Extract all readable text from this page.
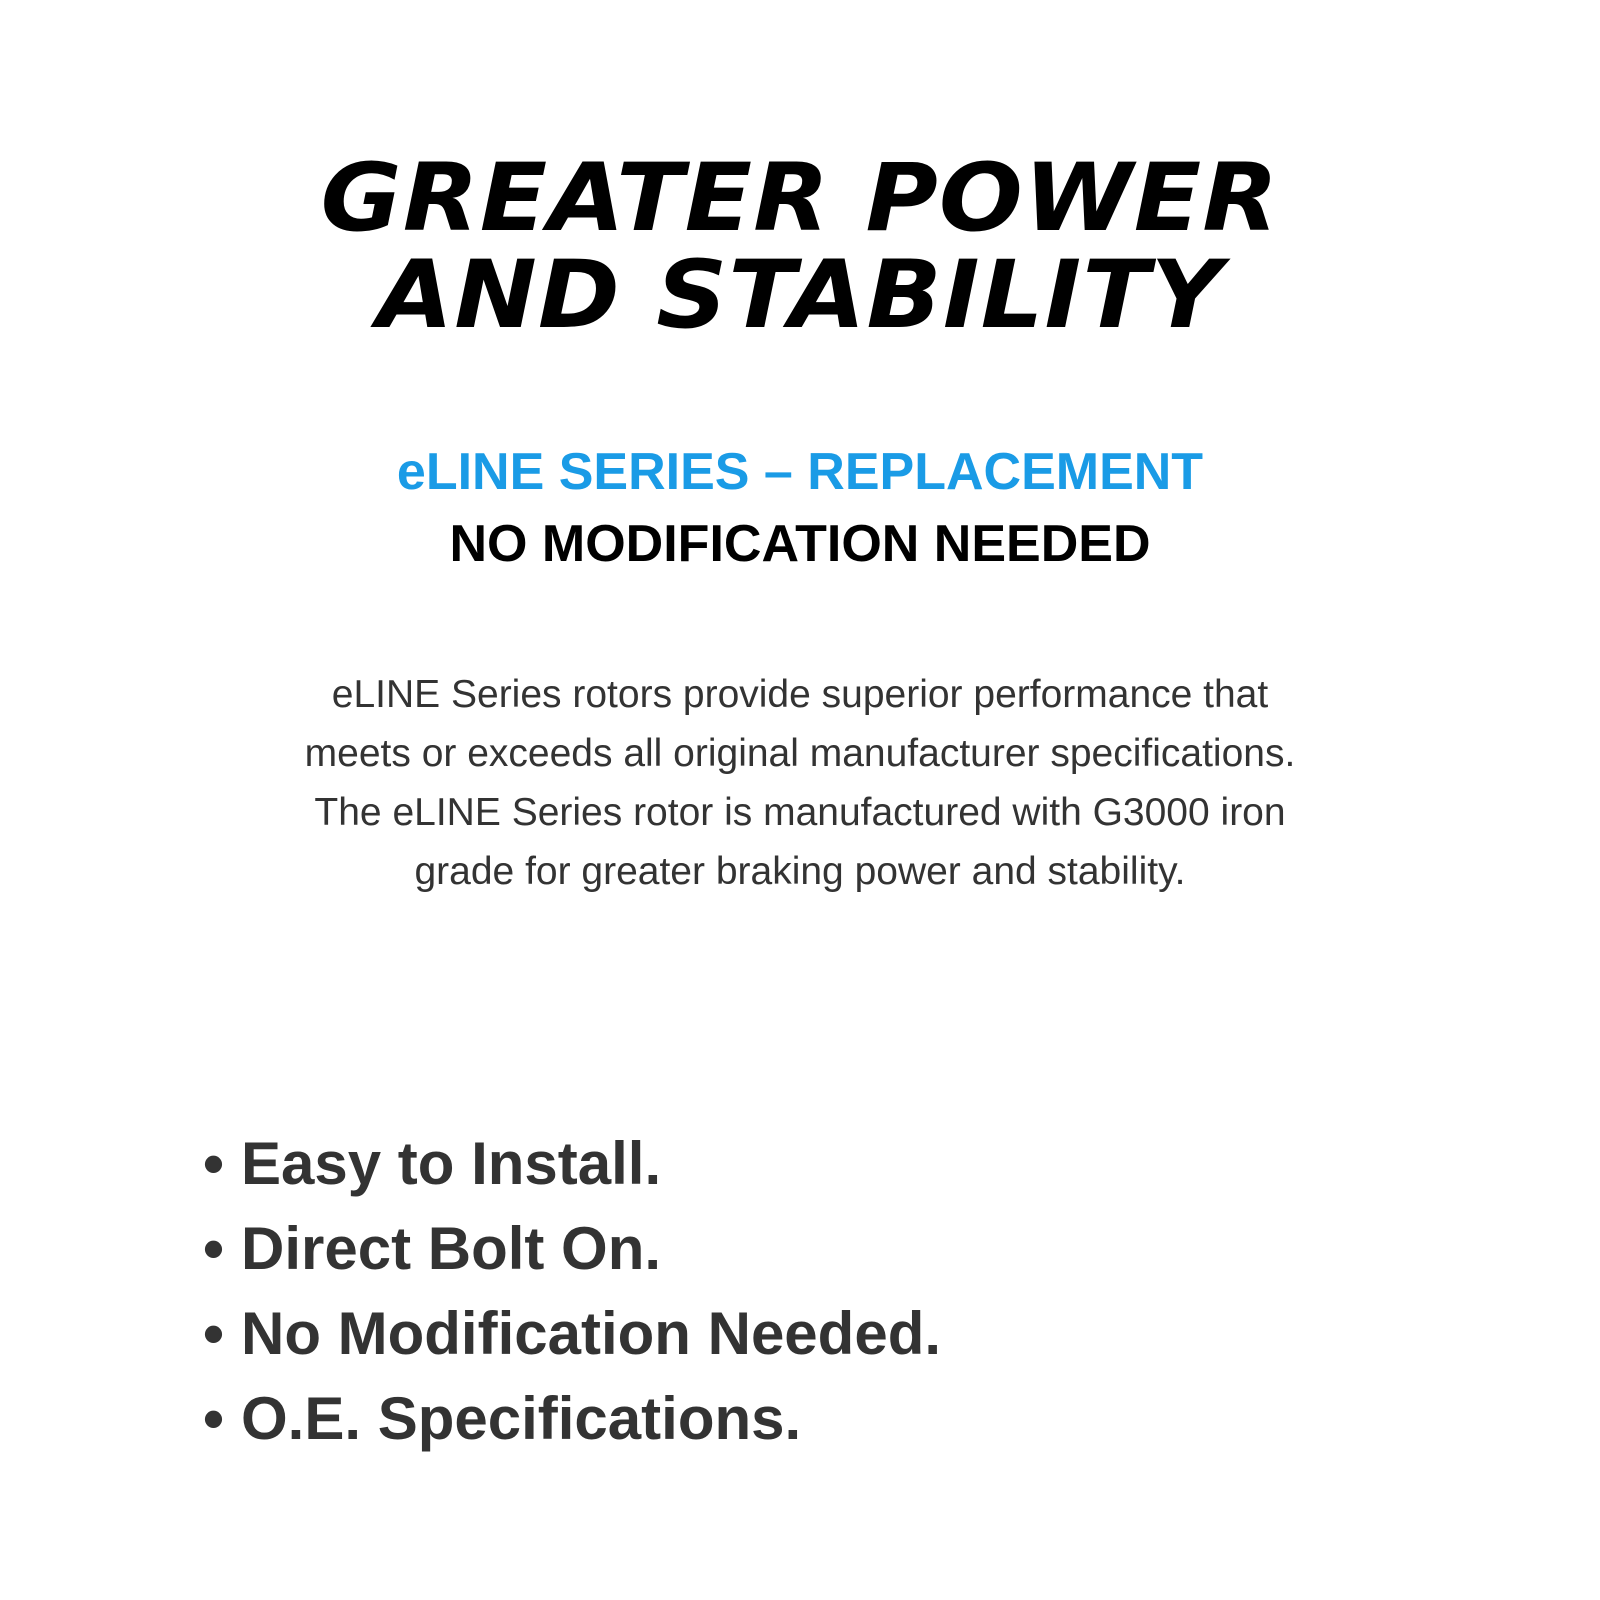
GREATER POWER
AND STABILITY
eLINE SERIES – REPLACEMENT
NO MODIFICATION NEEDED

eLINE Series rotors provide superior performance that
meets or exceeds all original manufacturer specifications.
The eLINE Series rotor is manufactured with G3000 iron
grade for greater braking power and stability.

• Easy to Install.
• Direct Bolt On.
• No Modification Needed.
• O.E. Specifications.
